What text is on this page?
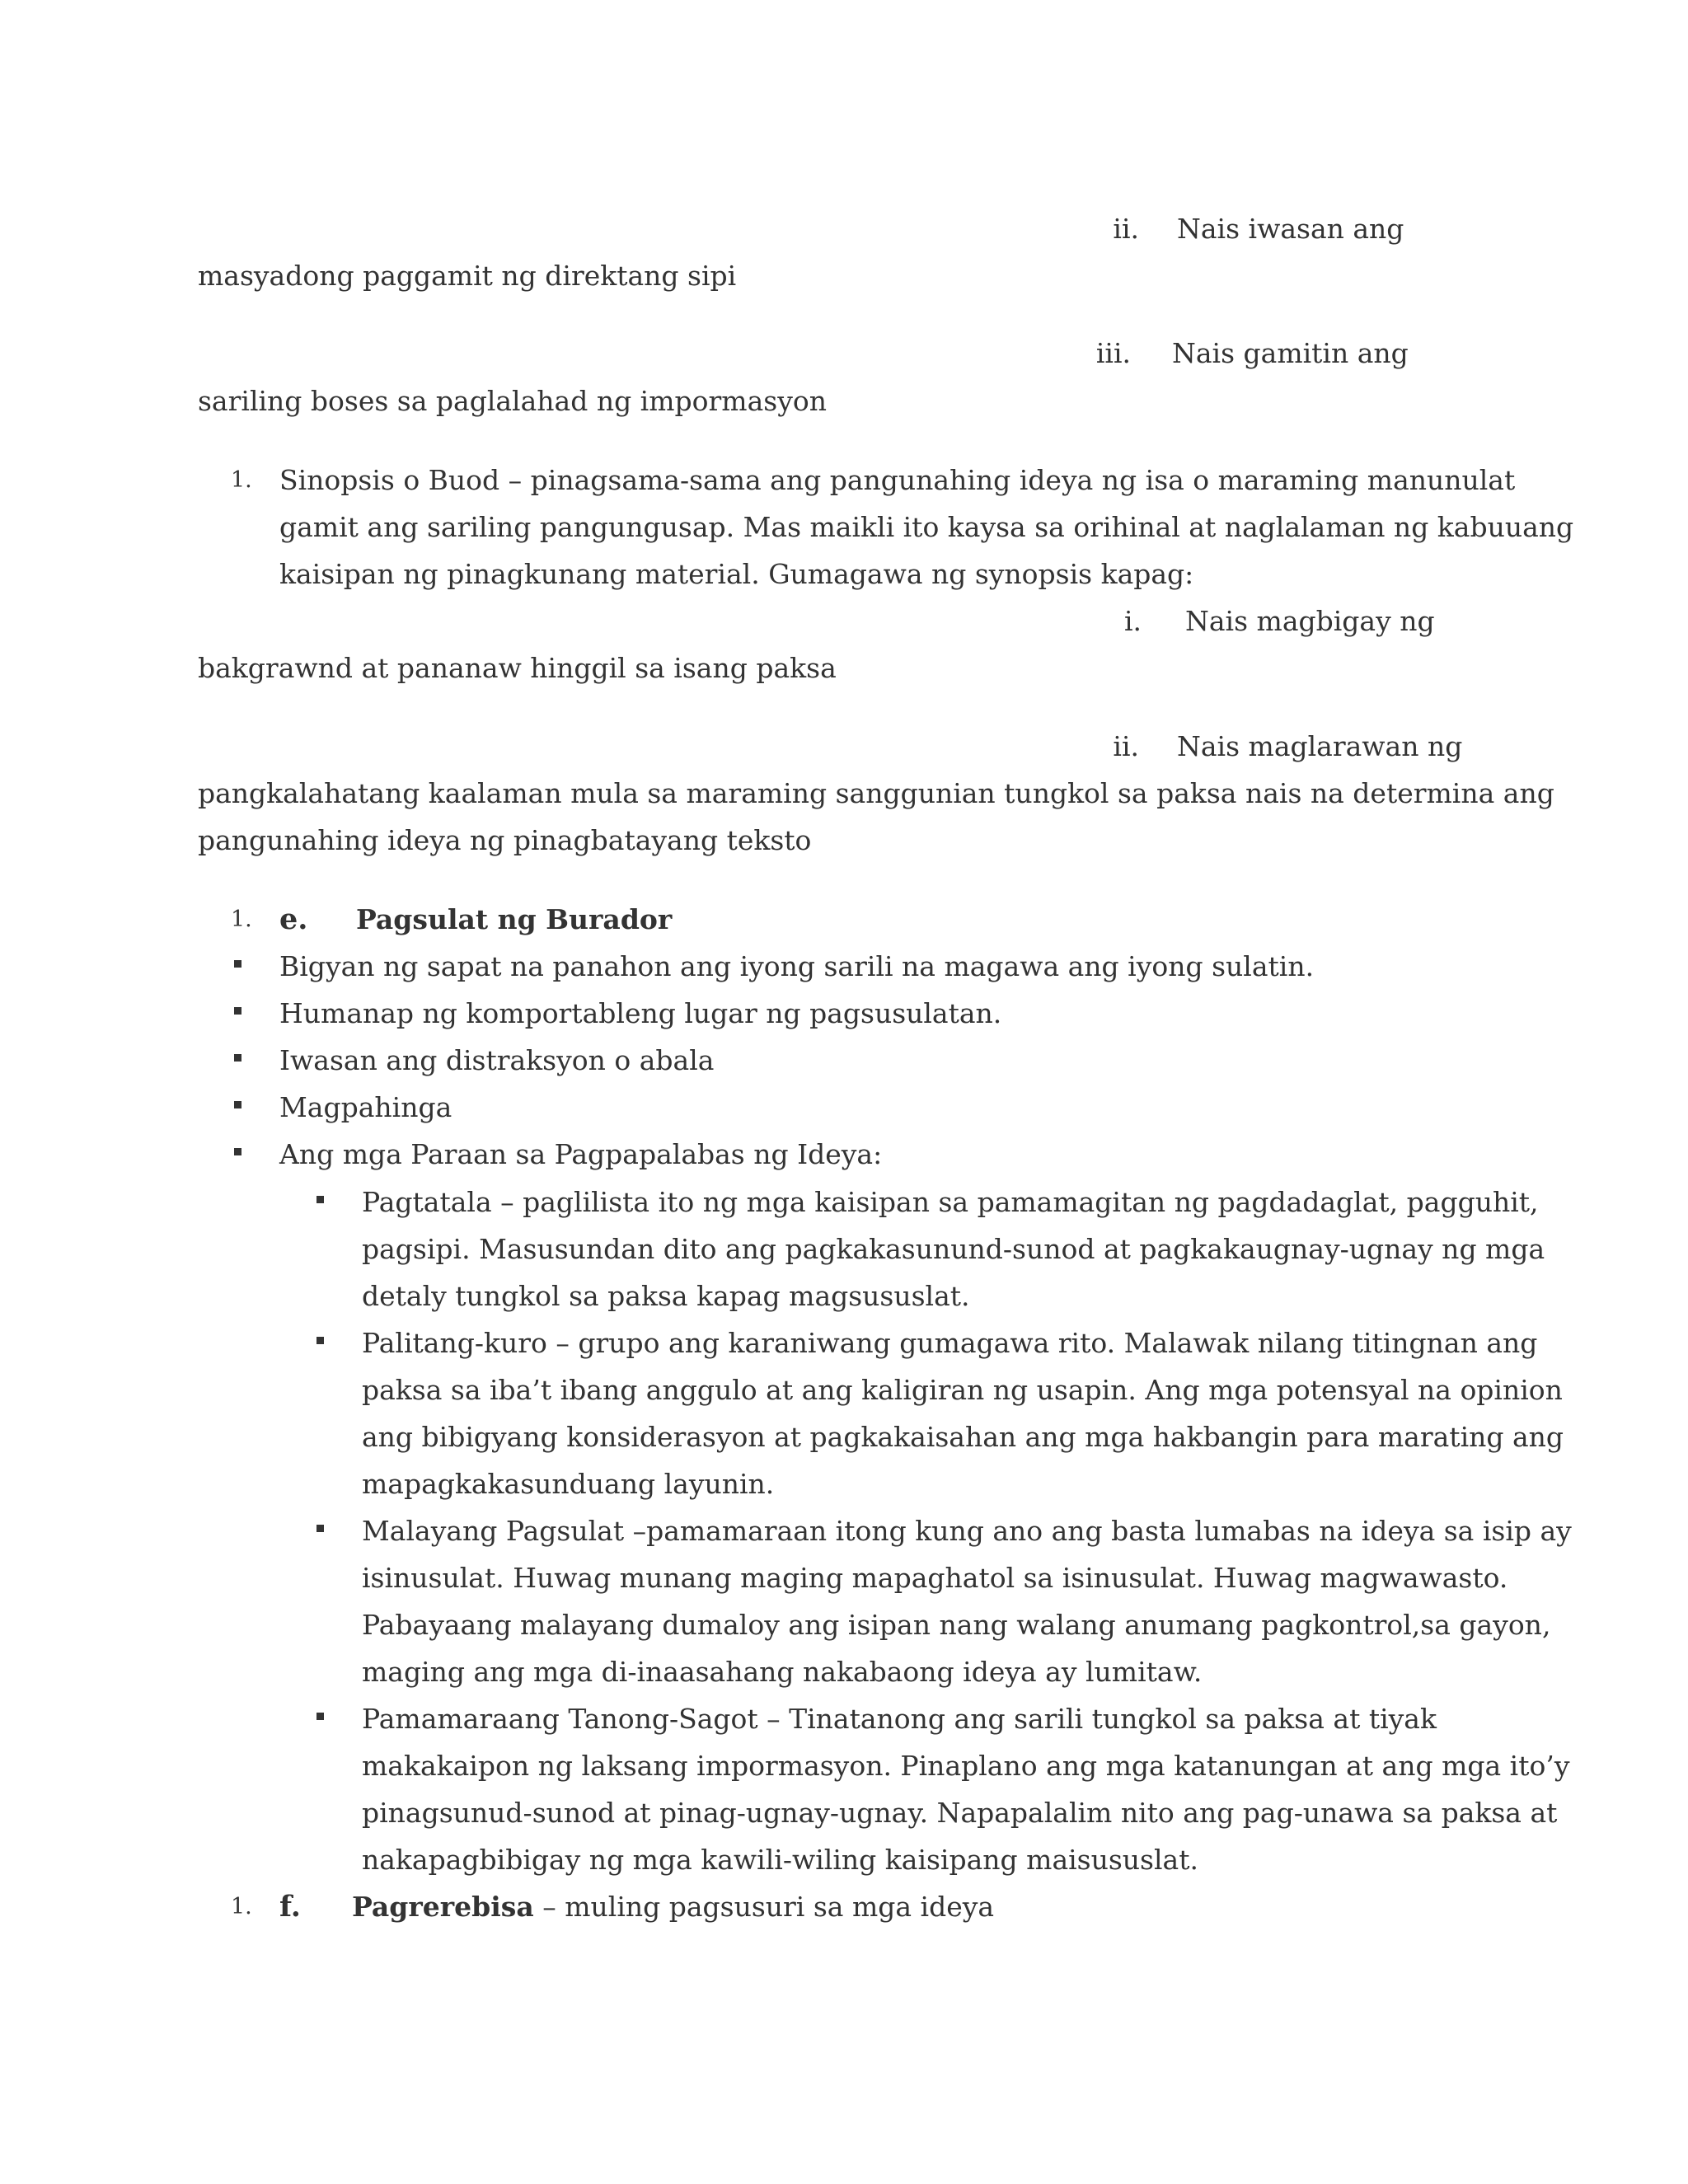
ii. Nais iwasan ang
masyadong paggamit ng direktang sipi
iii. Nais gamitin ang
sariling boses sa paglalahad ng impormasyon
1. Sinopsis o Buod – pinagsama-sama ang pangunahing ideya ng isa o maraming manunulat
gamit ang sariling pangungusap. Mas maikli ito kaysa sa orihinal at naglalaman ng kabuuang
kaisipan ng pinagkunang material. Gumagawa ng synopsis kapag:
i. Nais magbigay ng
bakgrawnd at pananaw hinggil sa isang paksa
ii. Nais maglarawan ng
pangkalahatang kaalaman mula sa maraming sanggunian tungkol sa paksa nais na determina ang
pangunahing ideya ng pinagbatayang teksto
1. e. Pagsulat ng Burador
Bigyan ng sapat na panahon ang iyong sarili na magawa ang iyong sulatin.
Humanap ng komportableng lugar ng pagsusulatan.
Iwasan ang distraksyon o abala
Magpahinga
Ang mga Paraan sa Pagpapalabas ng Ideya:
Pagtatala – paglilista ito ng mga kaisipan sa pamamagitan ng pagdadaglat, pagguhit,
pagsipi. Masusundan dito ang pagkakasunund-sunod at pagkakaugnay-ugnay ng mga
detaly tungkol sa paksa kapag magsususlat.
Palitang-kuro – grupo ang karaniwang gumagawa rito. Malawak nilang titingnan ang
paksa sa iba’t ibang anggulo at ang kaligiran ng usapin. Ang mga potensyal na opinion
ang bibigyang konsiderasyon at pagkakaisahan ang mga hakbangin para marating ang
mapagkakasunduang layunin.
Malayang Pagsulat –pamamaraan itong kung ano ang basta lumabas na ideya sa isip ay
isinusulat. Huwag munang maging mapaghatol sa isinusulat. Huwag magwawasto.
Pabayaang malayang dumaloy ang isipan nang walang anumang pagkontrol,sa gayon,
maging ang mga di-inaasahang nakabaong ideya ay lumitaw.
Pamamaraang Tanong-Sagot – Tinatanong ang sarili tungkol sa paksa at tiyak
makakaipon ng laksang impormasyon. Pinaplano ang mga katanungan at ang mga ito’y
pinagsunud-sunod at pinag-ugnay-ugnay. Napapalalim nito ang pag-unawa sa paksa at
nakapagbibigay ng mga kawili-wiling kaisipang maisususlat.
1. f. Pagrerebisa – muling pagsusuri sa mga ideya
